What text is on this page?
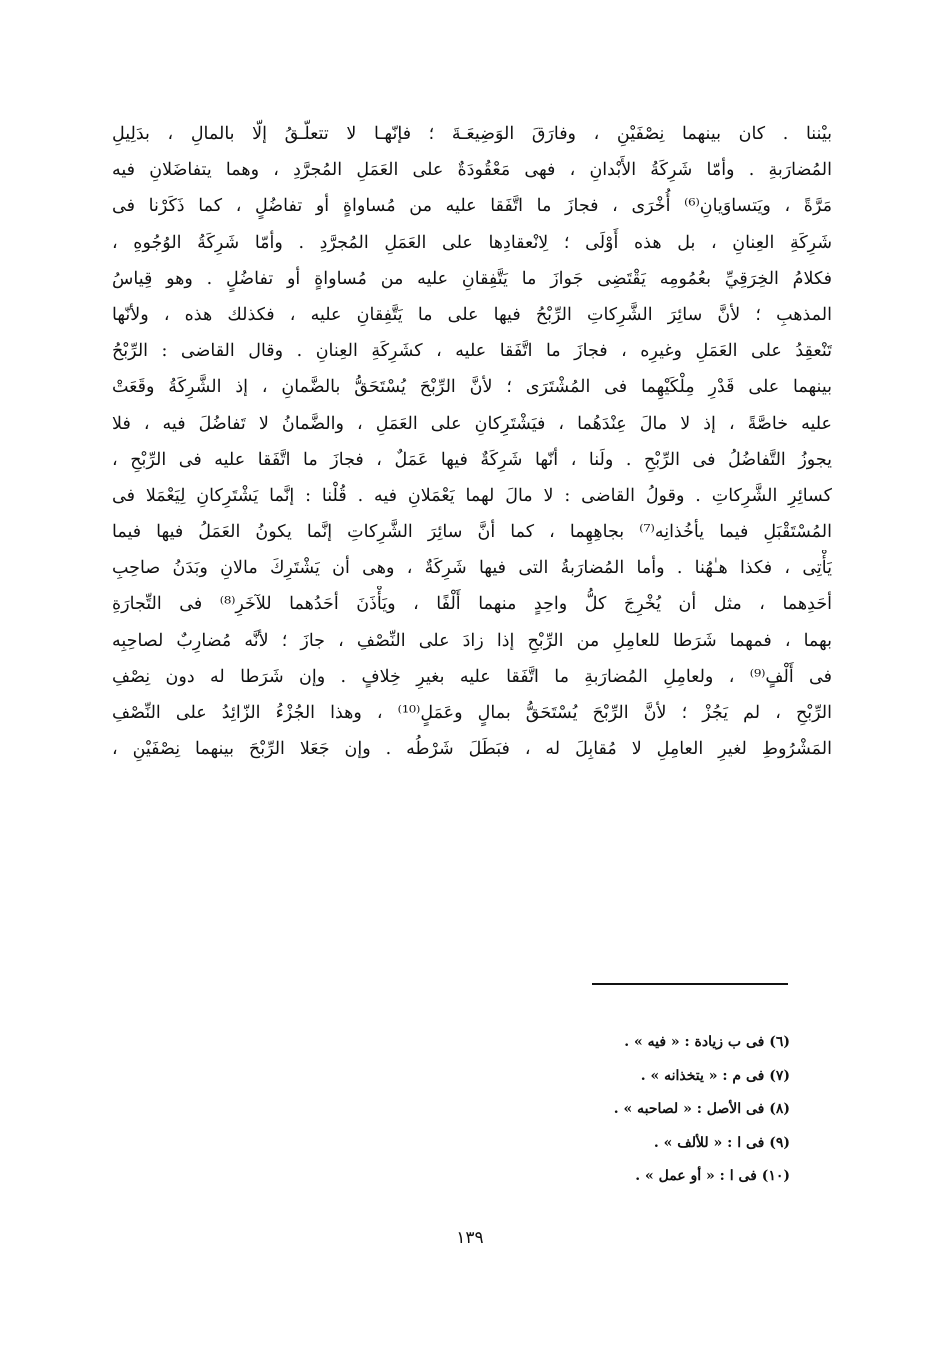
بيْننا . كان بينهما نِصْفَيْنِ ، وفارَقَ الوَضِيعَـةَ ؛ فإنّهـا لا تتعلّـقُ إلّا بالمالِ ، بدَلِيلِ
المُضارَبةِ . وأمّا شَرِكَةُ الأَبْدانِ ، فهى مَعْقُودَةٌ على العَمَلِ المُجرَّدِ ، وهما يتفاضَلانِ فيه
مَرَّةً ، ويَتساوَيانِ⁽⁶⁾ أُخْرَى ، فجازَ ما اتَّفَقا عليه من مُساواةٍ أو تفاضُلٍ ، كما ذَكَرْنا فى
شَرِكَةِ العِنانِ ، بل هذه أَوْلَى ؛ لِانْعقادِها على العَمَلِ المُجرَّدِ . وأمّا شَرِكَةُ الوُجُوهِ ،
فكلامُ الخِرَقِيِّ بعُمُومِه يَقْتَضِى جَوازَ ما يَتَّفِقانِ عليه من مُساواةٍ أو تفاضُلٍ . وهو قِياسُ
المذهبِ ؛ لأنَّ سائِرَ الشَّرِكاتِ الرِّبْحُ فيها على ما يَتَّفِقانِ عليه ، فكذلك هذه ، ولأنّها
تَنْعقِدُ على العَمَلِ وغيرِه ، فجازَ ما اتَّفَقا عليه ، كشَرِكَةِ العِنانِ . وقال القاضى : الرِّبْحُ
بينهما على قَدْرِ مِلْكَيْهِما فى المُشْتَرَى ؛ لأنَّ الرِّبْحَ يُسْتَحَقُّ بالضَّمانِ ، إذ الشَّرِكَةُ وقَعَتْ
عليه خاصَّةً ، إذ لا مالَ عِنْدَهُما ، فيَشْتَرِكانِ على العَمَلِ ، والضَّمانُ لا تَفاضُلَ فيه ، فلا
يجوزُ التَّفاضُلُ فى الرِّبْحِ . ولَنا ، أنّها شَرِكَةٌ فيها عَمَلٌ ، فجازَ ما اتَّفَقا عليه فى الرِّبْحِ ،
كسائِرِ الشَّرِكاتِ . وقولُ القاضى : لا مالَ لهما يَعْمَلانِ فيه . قُلْنا : إنَّما يَشْتَرِكانِ لِيَعْمَلا فى
المُسْتَقْبَلِ فيما يأخُذانِه⁽⁷⁾ بجاهِهِما ، كما أنَّ سائِرَ الشَّرِكاتِ إنَّما يكونُ العَمَلُ فيها فيما
يَأْتِى ، فكذا هـٰهُنا . وأما المُضارَبةُ التى فيها شَرِكَةٌ ، وهى أن يَشْتَرِكَ مالانِ وبَدَنُ صاحِبِ
أحَدِهما ، مثل أن يُخْرِجَ كلُّ واحِدٍ منهما أَلْفًا ، ويَأْذَنَ أحَدُهما للآخَرِ⁽⁸⁾ فى التِّجارَةِ
بهما ، فمهما شَرَطا للعامِلِ من الرِّبْحِ إذا زادَ على النِّصْفِ ، جازَ ؛ لأنَّه مُضارِبٌ لصاحِبِه
فى أَلْفٍ⁽⁹⁾ ، ولعامِلِ المُضارَبةِ ما اتَّفَقا عليه بغيرِ خِلافٍ . وإن شَرَطا له دون نِصْفِ
الرِّبْحِ ، لم يَجُزْ ؛ لأنَّ الرِّبْحَ يُسْتَحَقُّ بمالٍ وعَمَلٍ⁽¹⁰⁾ ، وهذا الجُزْءُ الزّائِدُ على النِّصْفِ
المَشْرُوطِ لغيرِ العامِلِ لا مُقابِلَ له ، فبَطَلَ شَرْطُه . وإن جَعَلا الرِّبْحَ بينهما نِصْفَيْنِ ،
(٦) فى ب زيادة : « فيه » .
(٧) فى م : « يتخذانه » .
(٨) فى الأصل : « لصاحبه » .
(٩) فى ا : « للألف » .
(١٠) فى ا : « أو عمل » .
١٣٩
